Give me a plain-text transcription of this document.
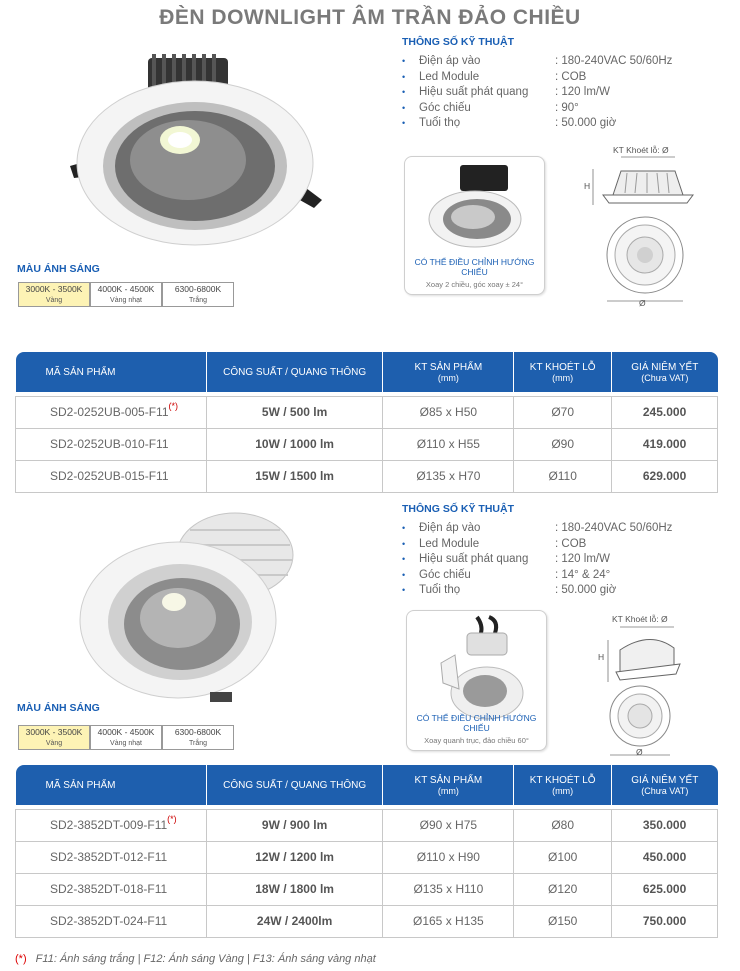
ĐÈN DOWNLIGHT ÂM TRẦN ĐẢO CHIỀU
THÔNG SỐ KỸ THUẬT
•	Điện áp vào	: 180-240VAC 50/60Hz
•	Led Module	: COB
•	Hiệu suất phát quang	: 120 lm/W
•	Góc chiếu	: 90°
•	Tuổi thọ	: 50.000 giờ
CÓ THỂ ĐIỀU CHỈNH HƯỚNG CHIẾU
Xoay 2 chiều, góc xoay ± 24°
KT Khoét lỗ: Ø
H
Ø
MÀU ÁNH SÁNG
3000K - 3500K
Vàng
4000K - 4500K
Vàng nhạt
6300-6800K
Trắng
MÃ SẢN PHẨM	CÔNG SUẤT / QUANG THÔNG	KT SẢN PHẨM
(mm)	KT KHOÉT LỖ
(mm)	GIÁ NIÊM YẾT
(Chưa VAT)

SD2-0252UB-005-F11(*)	5W / 500 lm	Ø85 x H50	Ø70	245.000
SD2-0252UB-010-F11	10W / 1000 lm	Ø110 x H55	Ø90	419.000
SD2-0252UB-015-F11	15W / 1500 lm	Ø135 x H70	Ø110	629.000
THÔNG SỐ KỸ THUẬT
•	Điện áp vào	: 180-240VAC 50/60Hz
•	Led Module	: COB
•	Hiệu suất phát quang	: 120 lm/W
•	Góc chiếu	: 14° & 24°
•	Tuổi thọ	: 50.000 giờ
CÓ THỂ ĐIỀU CHỈNH HƯỚNG CHIẾU
Xoay quanh trục, đảo chiều 60°
KT Khoét lỗ: Ø
H
Ø
MÀU ÁNH SÁNG
3000K - 3500K
Vàng
4000K - 4500K
Vàng nhạt
6300-6800K
Trắng
MÃ SẢN PHẨM	CÔNG SUẤT / QUANG THÔNG	KT SẢN PHẨM
(mm)	KT KHOÉT LỖ
(mm)	GIÁ NIÊM YẾT
(Chưa VAT)

SD2-3852DT-009-F11(*)	9W / 900 lm	Ø90 x H75	Ø80	350.000
SD2-3852DT-012-F11	12W / 1200 lm	Ø110 x H90	Ø100	450.000
SD2-3852DT-018-F11	18W / 1800 lm	Ø135 x H110	Ø120	625.000
SD2-3852DT-024-F11	24W / 2400lm	Ø165 x H135	Ø150	750.000
(*) F11: Ánh sáng trắng | F12: Ánh sáng Vàng | F13: Ánh sáng vàng nhạt
